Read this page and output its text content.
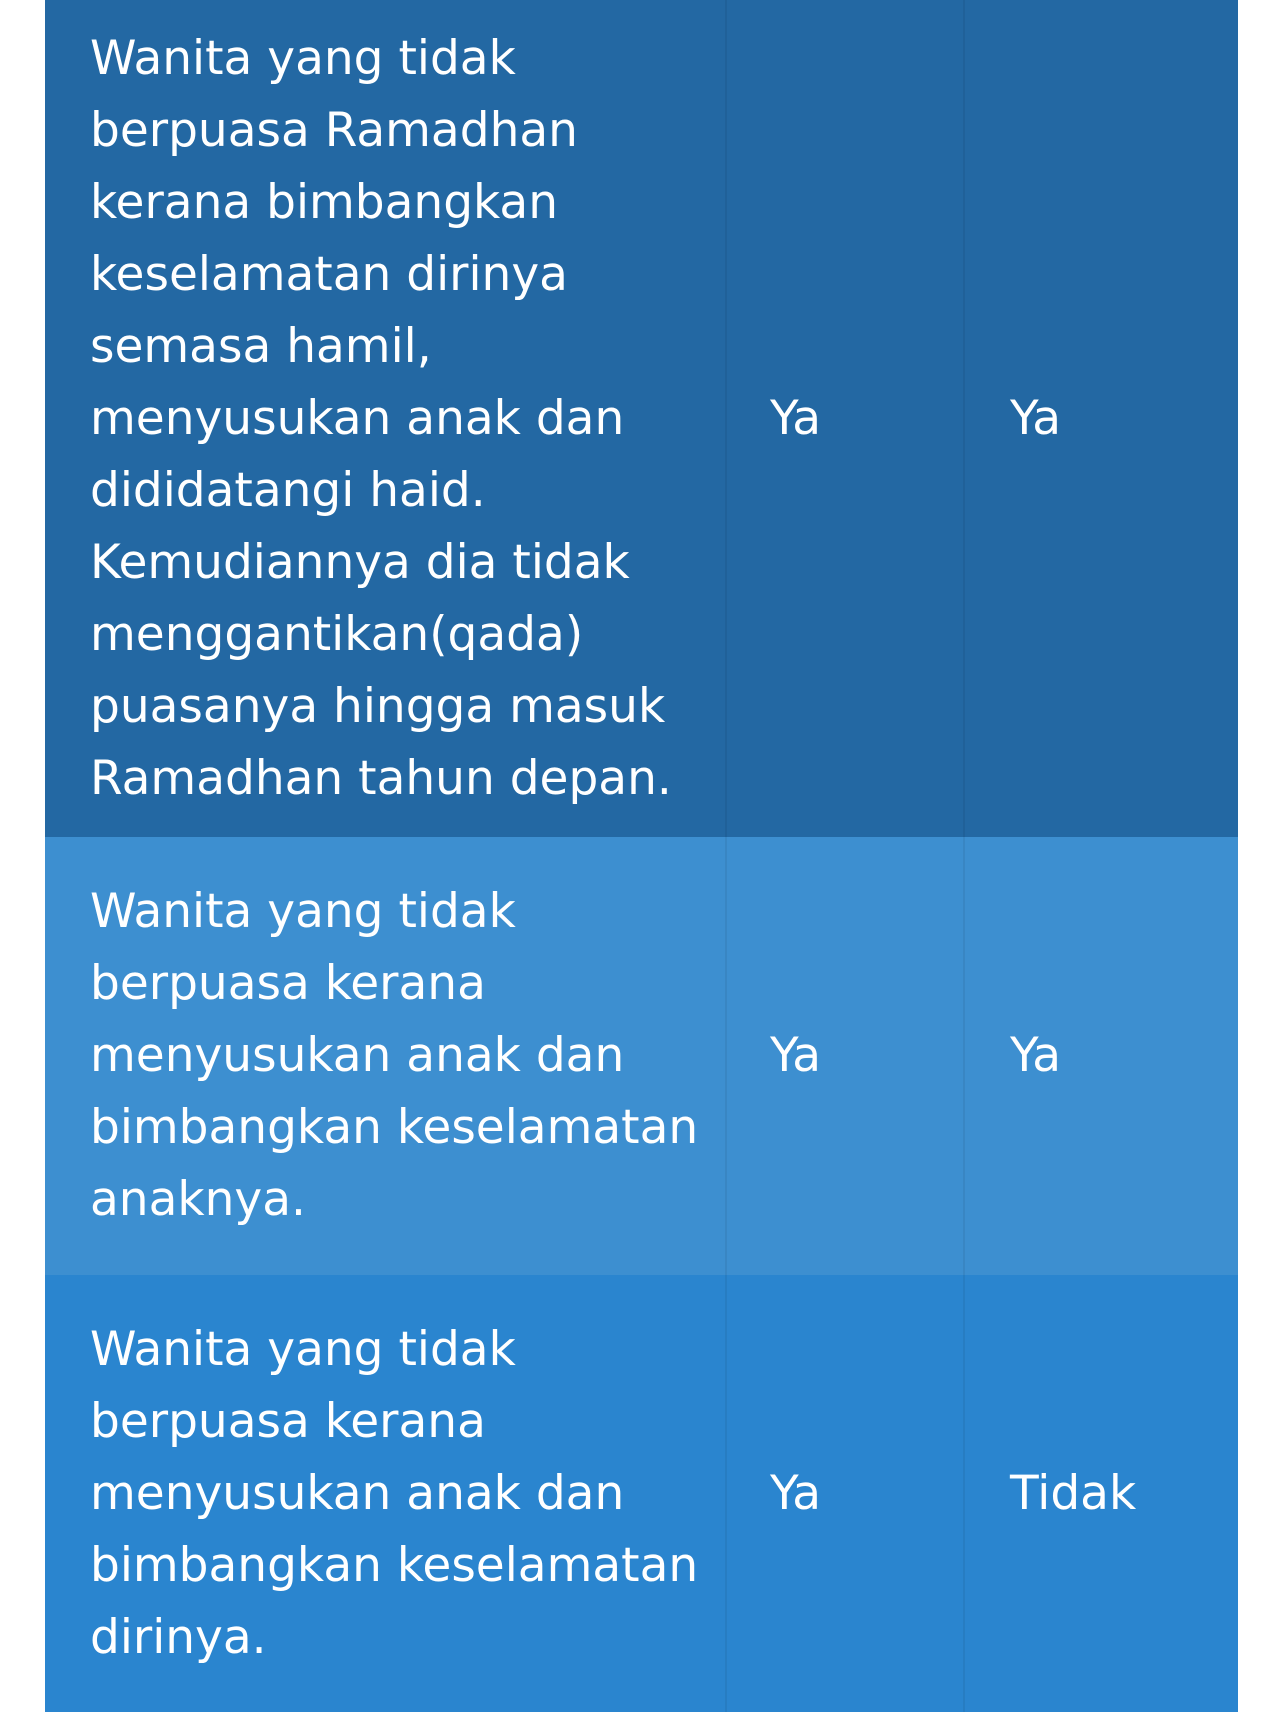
Wanita yang tidak berpuasa Ramadhan kerana bimbangkan keselamatan dirinya semasa hamil, menyusukan anak dan dididatangi haid. Kemudiannya dia tidak menggantikan(qada) puasanya hingga masuk Ramadhan tahun depan.
Ya	Ya
Wanita yang tidak berpuasa kerana menyusukan anak dan bimbangkan keselamatan anaknya.
Ya	Ya
Wanita yang tidak berpuasa kerana menyusukan anak dan bimbangkan keselamatan dirinya.
Ya	Tidak
